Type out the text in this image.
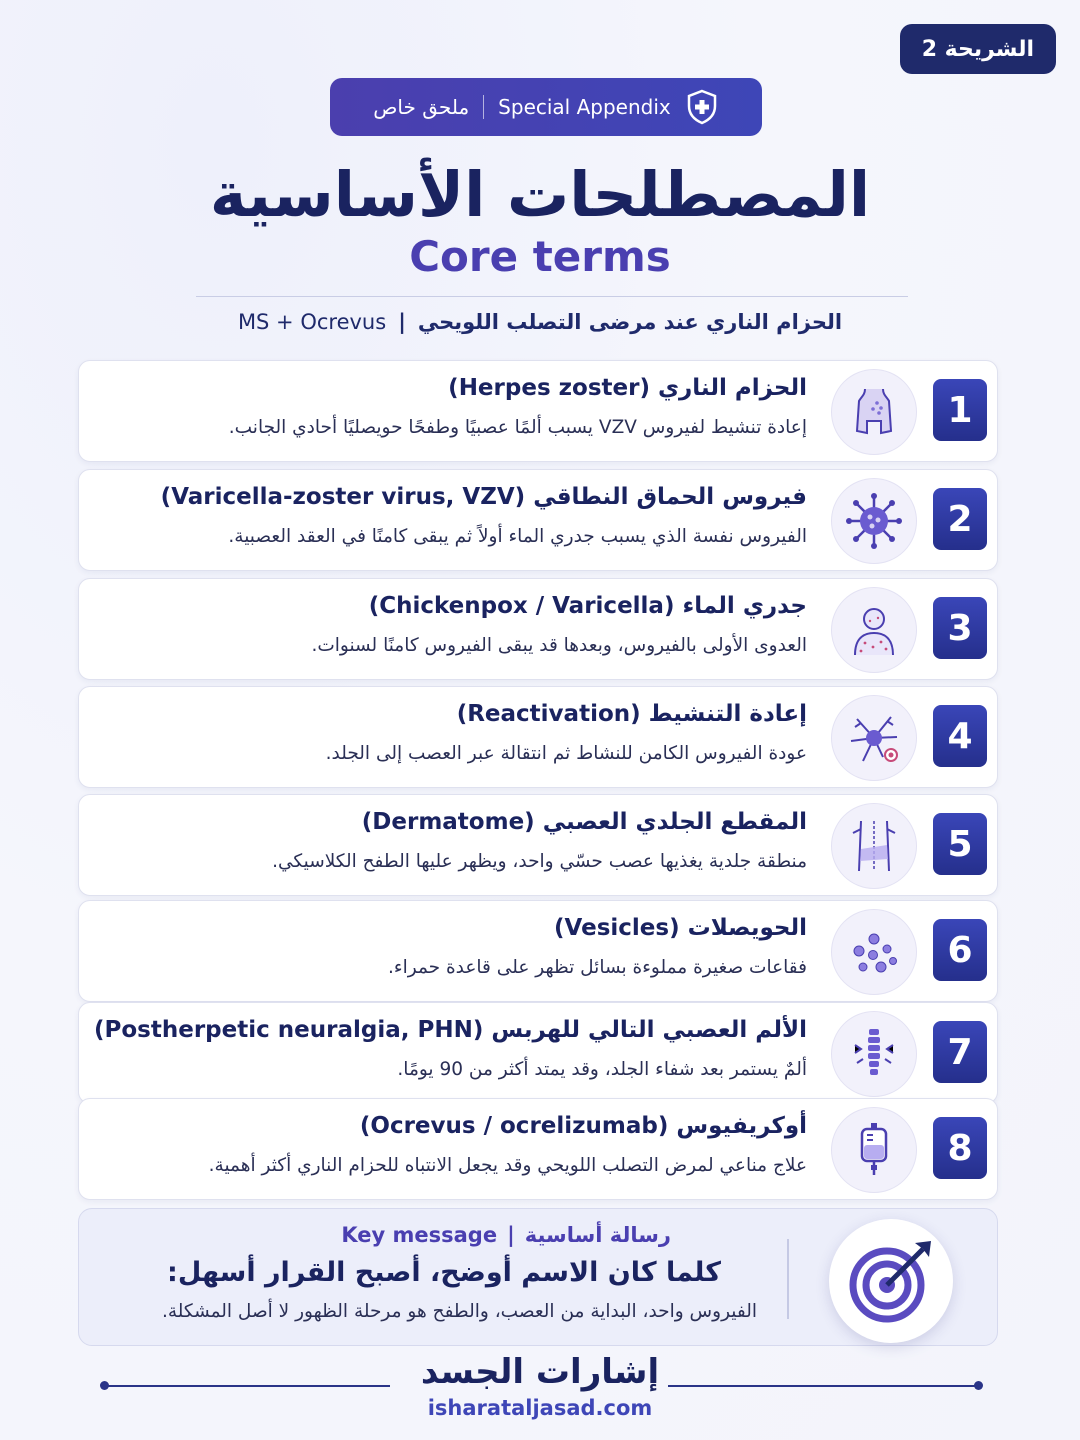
الشريحة 2
ملحق خاص Special Appendix
المصطلحات الأساسية
Core terms
الحزام الناري عند مرضى التصلب اللويحي|MS + Ocrevus
1
الحزام الناري (Herpes zoster)
إعادة تنشيط لفيروس VZV يسبب ألمًا عصبيًا وطفحًا حويصليًا أحادي الجانب.
2
فيروس الحماق النطاقي (Varicella-zoster virus, VZV)
الفيروس نفسة الذي يسبب جدري الماء أولاً ثم يبقى كامنًا في العقد العصبية.
3
جدري الماء (Chickenpox / Varicella)
العدوى الأولى بالفيروس، وبعدها قد يبقى الفيروس كامنًا لسنوات.
4
إعادة التنشيط (Reactivation)
عودة الفيروس الكامن للنشاط ثم انتقالة عبر العصب إلى الجلد.
5
المقطع الجلدي العصبي (Dermatome)
منطقة جلدية يغذيها عصب حسّي واحد، ويظهر عليها الطفح الكلاسيكي.
6
الحويصلات (Vesicles)
فقاعات صغيرة مملوءة بسائل تظهر على قاعدة حمراء.
7
الألم العصبي التالي للهربس (Postherpetic neuralgia, PHN)
ألمٌ يستمر بعد شفاء الجلد، وقد يمتد أكثر من 90 يومًا.
8
أوكريفيوس (Ocrevus / ocrelizumab)
علاج مناعي لمرض التصلب اللويحي وقد يجعل الانتباه للحزام الناري أكثر أهمية.
رسالة أساسية|Key message
كلما كان الاسم أوضح، أصبح القرار أسهل:
الفيروس واحد، البداية من العصب، والطفح هو مرحلة الظهور لا أصل المشكلة.
إشارات الجسد
isharataljasad.com
